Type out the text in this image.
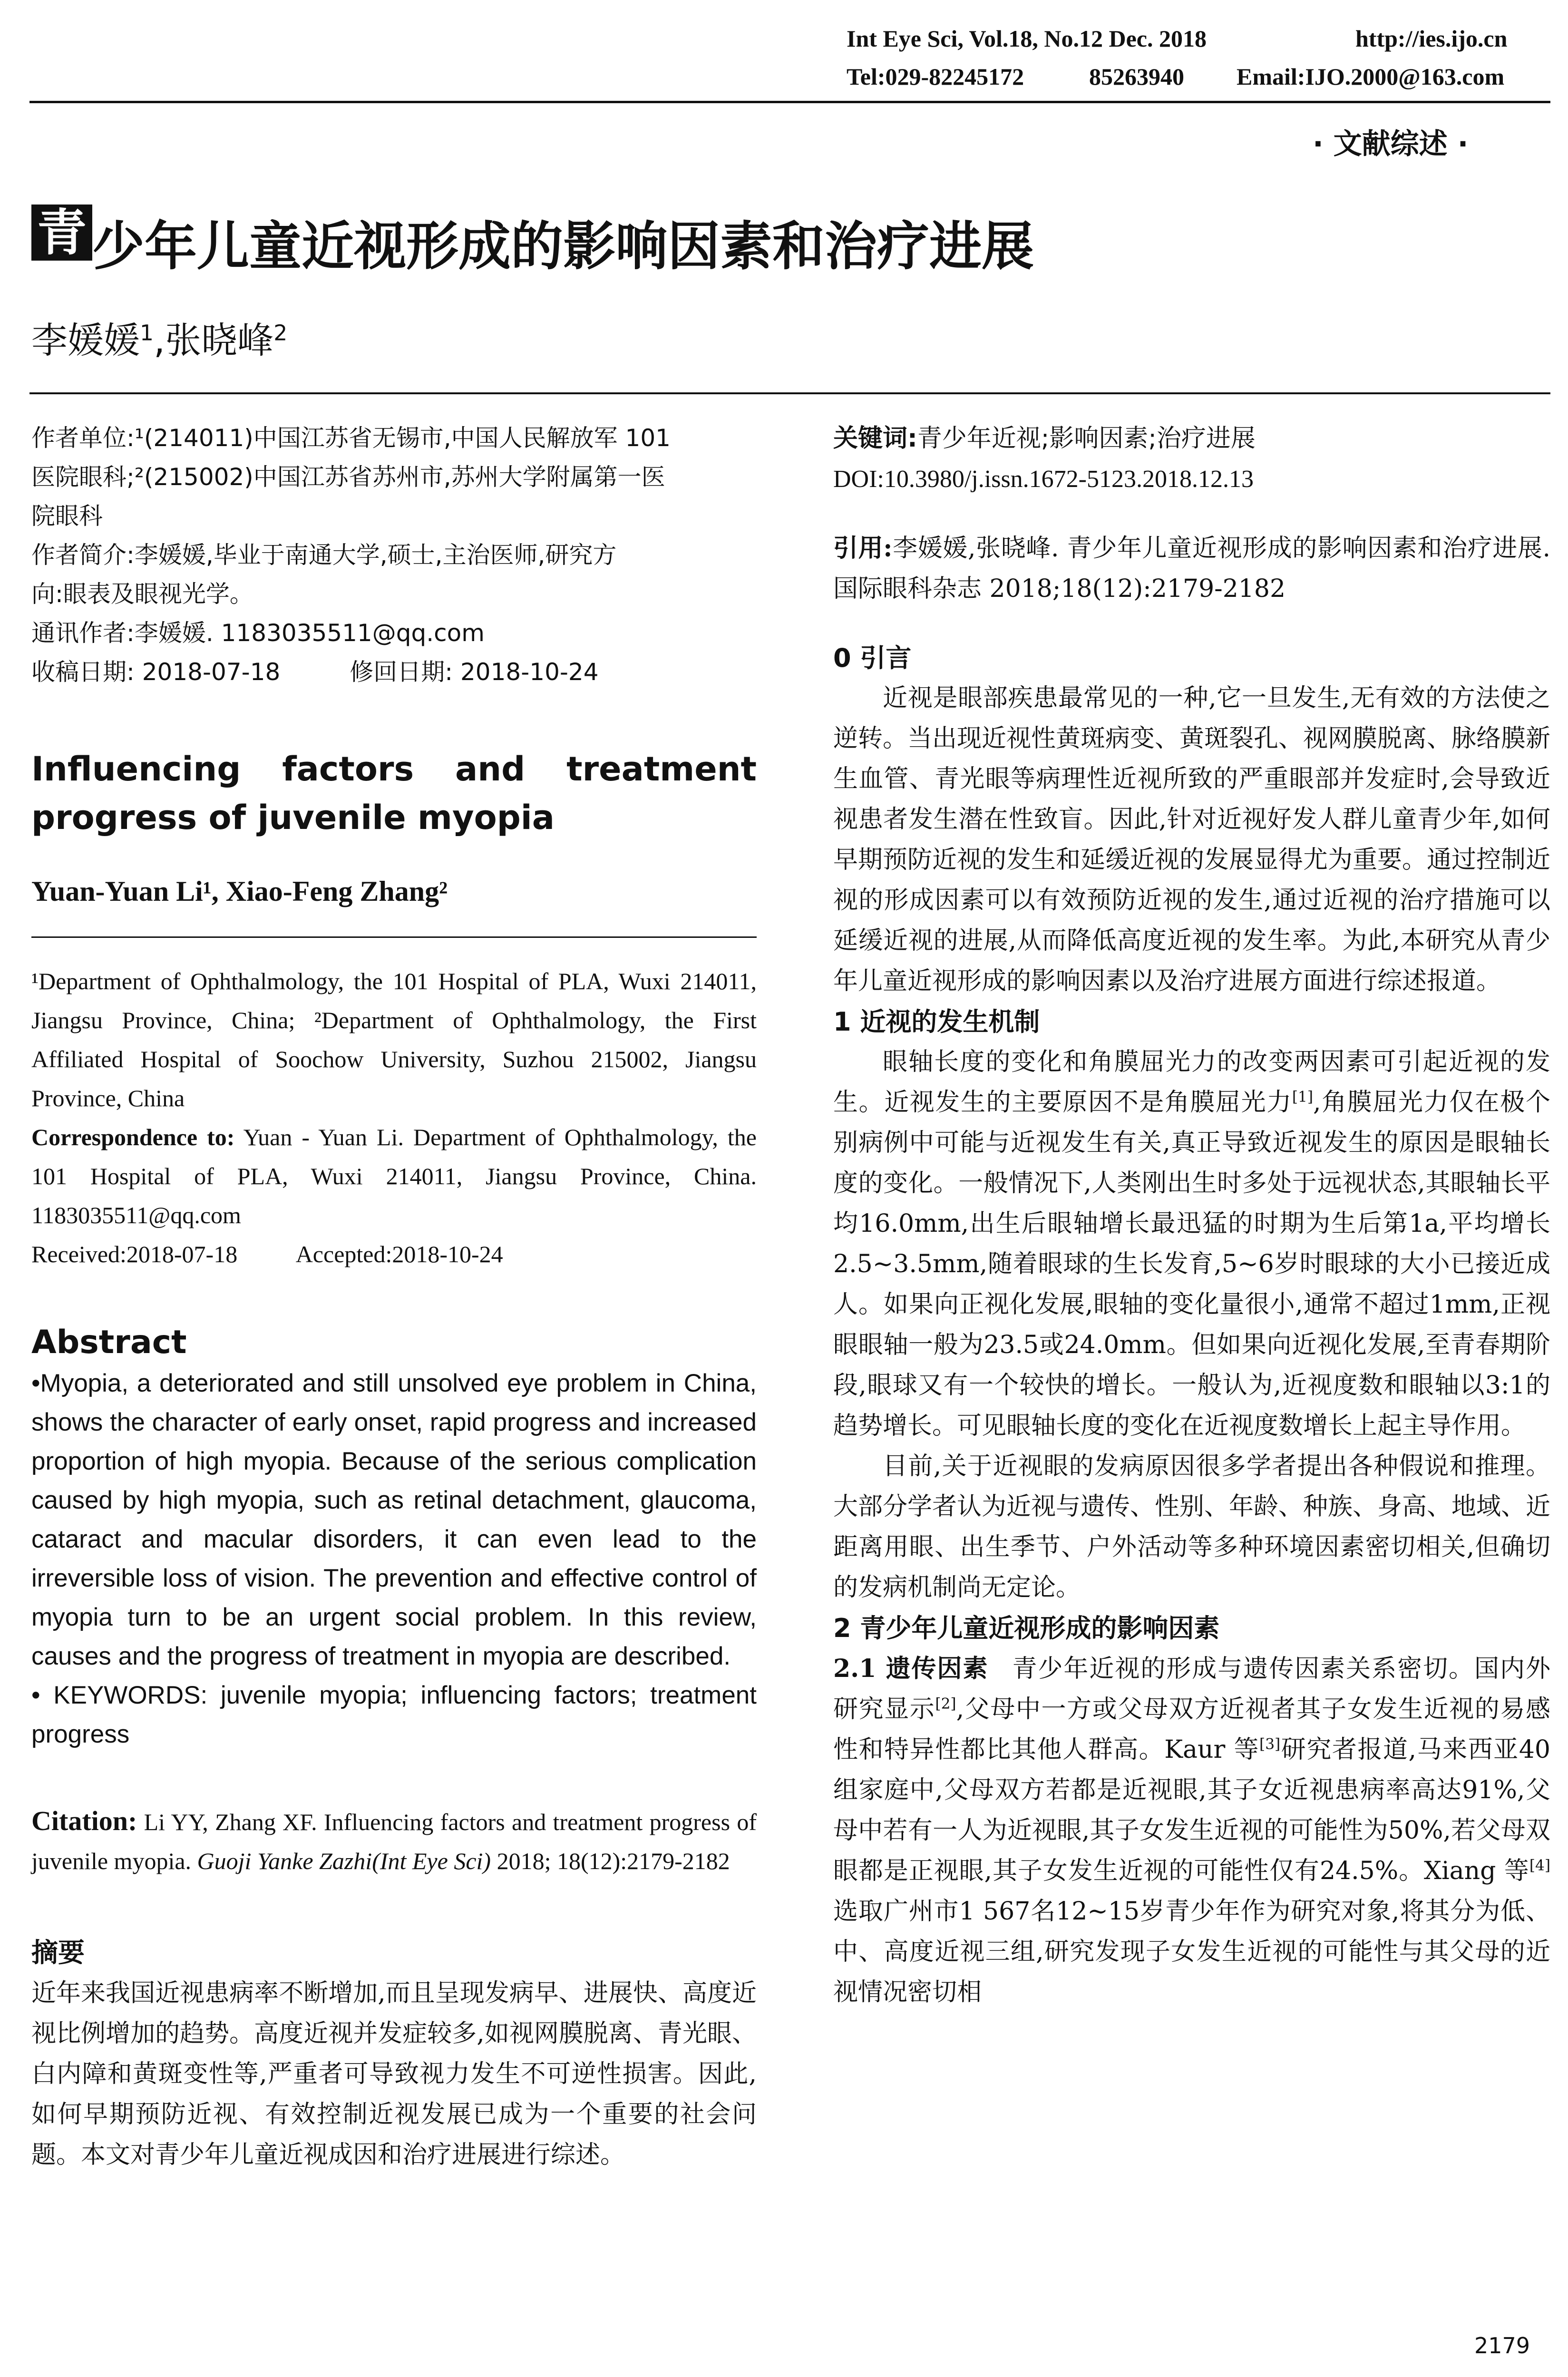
Int Eye Sci, Vol.18, No.12 Dec. 2018	http://ies.ijo.cn
Tel:029-82245172	85263940 Email:IJO.2000@163.com
· 文献综述 ·
青 少年儿童近视形成的影响因素和治疗进展
李媛媛$^1$,张晓峰$^2$
作者单位:¹(214011)中国江苏省无锡市,中国人民解放军 101
医院眼科;²(215002)中国江苏省苏州市,苏州大学附属第一医
院眼科
作者简介:李媛媛,毕业于南通大学,硕士,主治医师,研究方
向:眼表及眼视光学。
通讯作者:李媛媛. 1183035511@qq.com
收稿日期: 2018-07-18	修回日期: 2018-10-24
Influencing factors and treatment progress of juvenile myopia
Yuan-Yuan Li¹, Xiao-Feng Zhang²

¹Department of Ophthalmology, the 101 Hospital of PLA, Wuxi 214011, Jiangsu Province, China; ²Department of Ophthalmology, the First Affiliated Hospital of Soochow University, Suzhou 215002, Jiangsu Province, China

Correspondence to: Yuan - Yuan Li. Department of Ophthalmology, the 101 Hospital of PLA, Wuxi 214011, Jiangsu Province, China. 1183035511@qq.com

Received:2018-07-18 Accepted:2018-10-24
Abstract

•Myopia, a deteriorated and still unsolved eye problem in China, shows the character of early onset, rapid progress and increased proportion of high myopia. Because of the serious complication caused by high myopia, such as retinal detachment, glaucoma, cataract and macular disorders, it can even lead to the irreversible loss of vision. The prevention and effective control of myopia turn to be an urgent social problem. In this review, causes and the progress of treatment in myopia are described.

• KEYWORDS: juvenile myopia; influencing factors; treatment progress

Citation: Li YY, Zhang XF. Influencing factors and treatment progress of juvenile myopia. Guoji Yanke Zazhi(Int Eye Sci) 2018; 18(12):2179-2182

摘要

近年来我国近视患病率不断增加,而且呈现发病早、进展快、高度近视比例增加的趋势。高度近视并发症较多,如视网膜脱离、青光眼、白内障和黄斑变性等,严重者可导致视力发生不可逆性损害。因此,如何早期预防近视、有效控制近视发展已成为一个重要的社会问题。本文对青少年儿童近视成因和治疗进展进行综述。

关键词:青少年近视;影响因素;治疗进展
DOI:10.3980/j.issn.1672-5123.2018.12.13

引用:李媛媛,张晓峰. 青少年儿童近视形成的影响因素和治疗进展. 国际眼科杂志 2018;18(12):2179-2182

0 引言

近视是眼部疾患最常见的一种,它一旦发生,无有效的方法使之逆转。当出现近视性黄斑病变、黄斑裂孔、视网膜脱离、脉络膜新生血管、青光眼等病理性近视所致的严重眼部并发症时,会导致近视患者发生潜在性致盲。因此,针对近视好发人群儿童青少年,如何早期预防近视的发生和延缓近视的发展显得尤为重要。通过控制近视的形成因素可以有效预防近视的发生,通过近视的治疗措施可以延缓近视的进展,从而降低高度近视的发生率。为此,本研究从青少年儿童近视形成的影响因素以及治疗进展方面进行综述报道。

1 近视的发生机制

眼轴长度的变化和角膜屈光力的改变两因素可引起近视的发生。近视发生的主要原因不是角膜屈光力[1],角膜屈光力仅在极个别病例中可能与近视发生有关,真正导致近视发生的原因是眼轴长度的变化。一般情况下,人类刚出生时多处于远视状态,其眼轴长平均16.0mm,出生后眼轴增长最迅猛的时期为生后第1a,平均增长2.5~3.5mm,随着眼球的生长发育,5~6岁时眼球的大小已接近成人。如果向正视化发展,眼轴的变化量很小,通常不超过1mm,正视眼眼轴一般为23.5或24.0mm。但如果向近视化发展,至青春期阶段,眼球又有一个较快的增长。一般认为,近视度数和眼轴以3:1的趋势增长。可见眼轴长度的变化在近视度数增长上起主导作用。

目前,关于近视眼的发病原因很多学者提出各种假说和推理。大部分学者认为近视与遗传、性别、年龄、种族、身高、地域、近距离用眼、出生季节、户外活动等多种环境因素密切相关,但确切的发病机制尚无定论。

2 青少年儿童近视形成的影响因素

2.1 遗传因素 青少年近视的形成与遗传因素关系密切。国内外研究显示[2],父母中一方或父母双方近视者其子女发生近视的易感性和特异性都比其他人群高。Kaur 等[3]研究者报道,马来西亚40组家庭中,父母双方若都是近视眼,其子女近视患病率高达91%,父母中若有一人为近视眼,其子女发生近视的可能性为50%,若父母双眼都是正视眼,其子女发生近视的可能性仅有24.5%。Xiang 等[4]选取广州市1 567名12~15岁青少年作为研究对象,将其分为低、中、高度近视三组,研究发现子女发生近视的可能性与其父母的近视情况密切相

2179
